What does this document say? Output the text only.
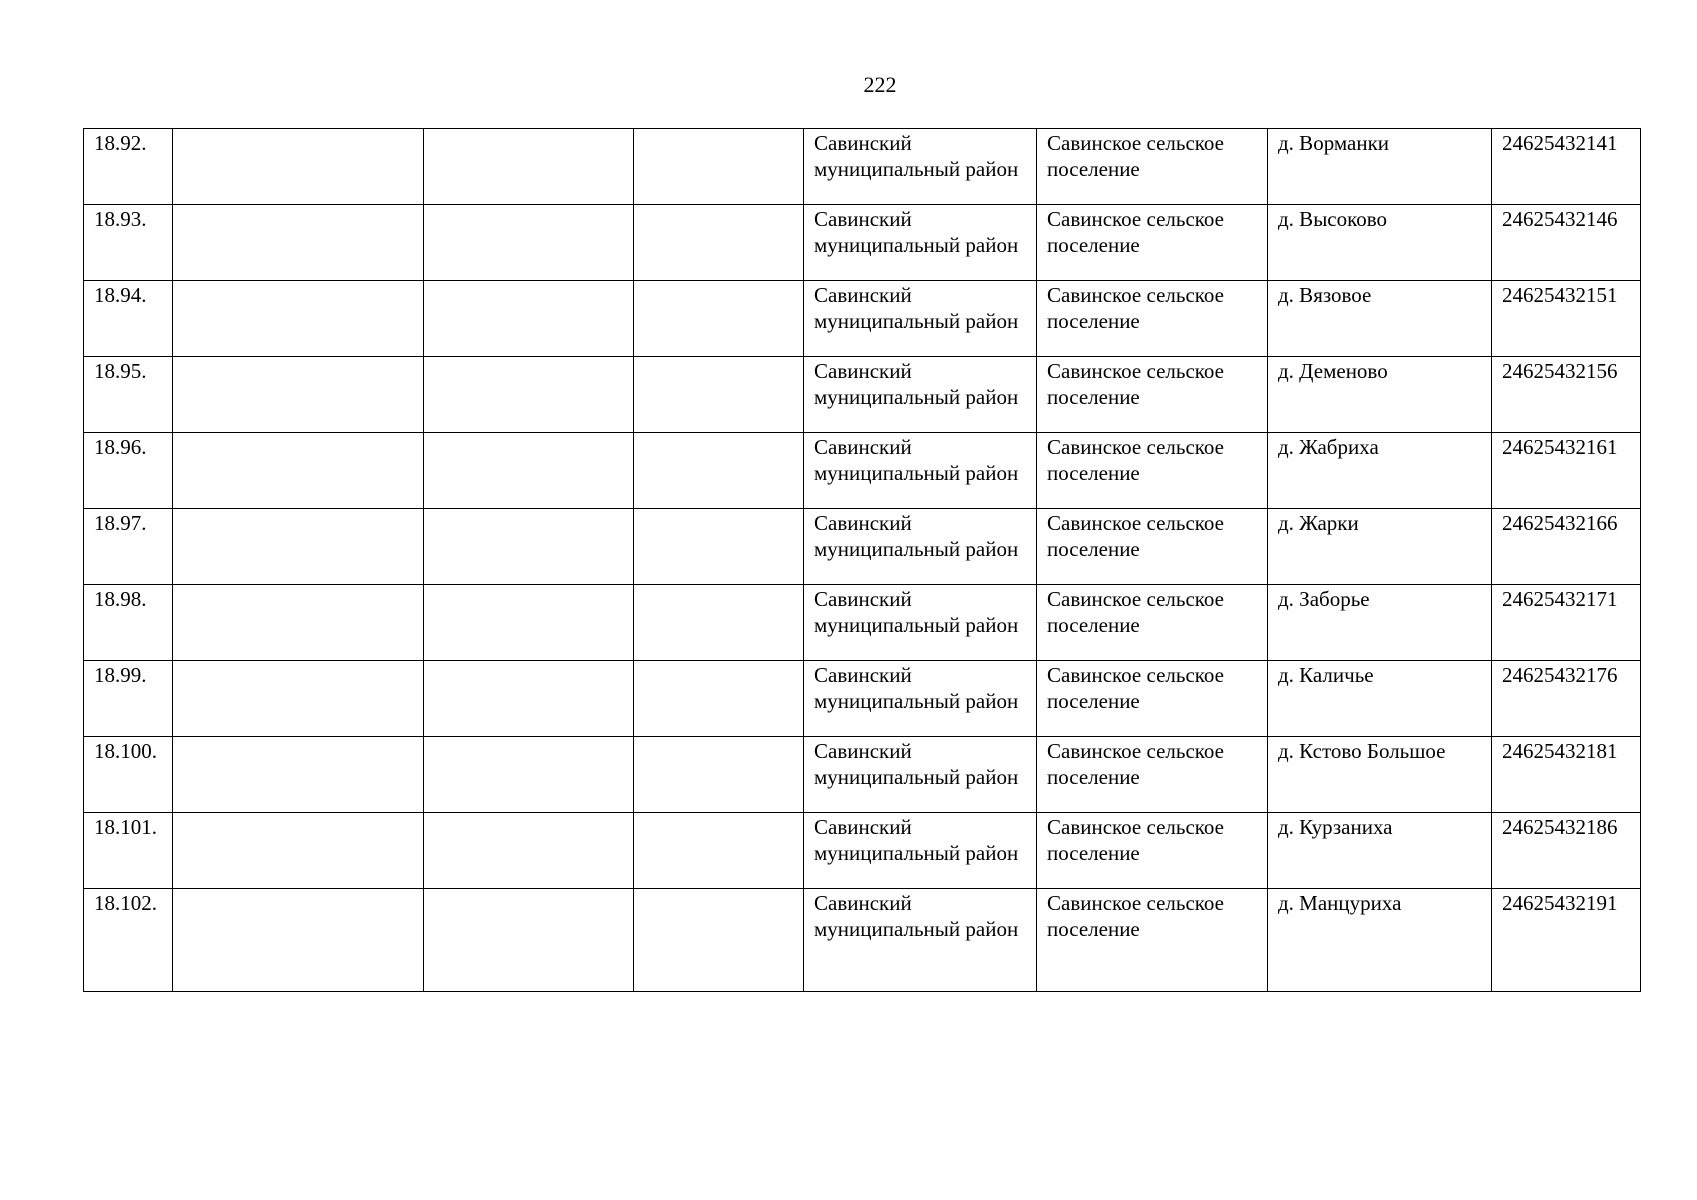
222
18.92.				Савинский муниципальный район	Савинское сельское поселение	д. Ворманки	24625432141
18.93.				Савинский муниципальный район	Савинское сельское поселение	д. Высоково	24625432146
18.94.				Савинский муниципальный район	Савинское сельское поселение	д. Вязовое	24625432151
18.95.				Савинский муниципальный район	Савинское сельское поселение	д. Деменово	24625432156
18.96.				Савинский муниципальный район	Савинское сельское поселение	д. Жабриха	24625432161
18.97.				Савинский муниципальный район	Савинское сельское поселение	д. Жарки	24625432166
18.98.				Савинский муниципальный район	Савинское сельское поселение	д. Заборье	24625432171
18.99.				Савинский муниципальный район	Савинское сельское поселение	д. Каличье	24625432176
18.100.				Савинский муниципальный район	Савинское сельское поселение	д. Кстово Большое	24625432181
18.101.				Савинский муниципальный район	Савинское сельское поселение	д. Курзаниха	24625432186
18.102.				Савинский муниципальный район	Савинское сельское поселение	д. Манцуриха	24625432191
